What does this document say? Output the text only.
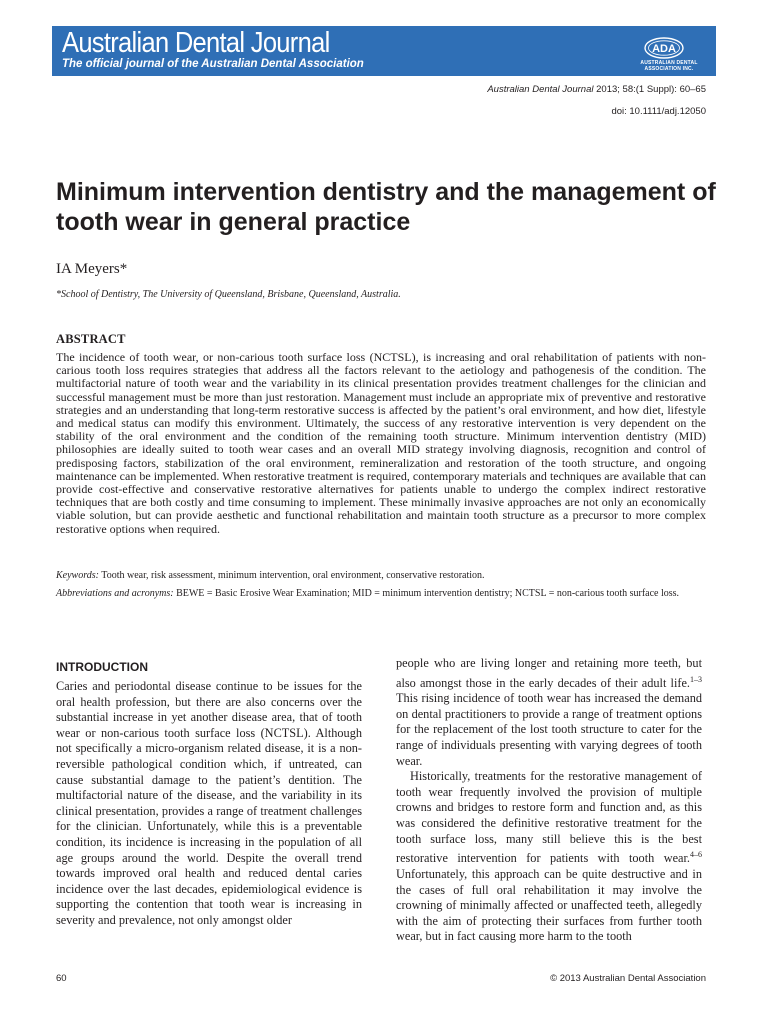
Australian Dental Journal
The official journal of the Australian Dental Association
ADA
AUSTRALIAN DENTAL ASSOCIATION INC.
Australian Dental Journal 2013; 58:(1 Suppl): 60–65
doi: 10.1111/adj.12050
Minimum intervention dentistry and the management of tooth wear in general practice
IA Meyers*
*School of Dentistry, The University of Queensland, Brisbane, Queensland, Australia.
ABSTRACT

The incidence of tooth wear, or non-carious tooth surface loss (NCTSL), is increasing and oral rehabilitation of patients with non-carious tooth loss requires strategies that address all the factors relevant to the aetiology and pathogenesis of the condition. The multifactorial nature of tooth wear and the variability in its clinical presentation provides treatment challenges for the clinician and successful management must be more than just restoration. Management must include an appropriate mix of preventive and restorative strategies and an understanding that long-term restorative success is affected by the patient’s oral environment, and how diet, lifestyle and medical status can modify this environment. Ultimately, the success of any restorative intervention is very dependent on the stability of the oral environment and the condition of the remaining tooth structure. Minimum intervention dentistry (MID) philosophies are ideally suited to tooth wear cases and an overall MID strategy involving diagnosis, recognition and control of predisposing factors, stabilization of the oral environment, remineralization and restoration of the tooth structure, and ongoing maintenance can be implemented. When restorative treatment is required, contemporary materials and techniques are available that can provide cost-effective and conservative restorative alternatives for patients unable to undergo the complex indirect restorative techniques that are both costly and time consuming to implement. These minimally invasive approaches are not only an economically viable solution, but can provide aesthetic and functional rehabilitation and maintain tooth structure as a precursor to more complex restorative options when required.

Keywords: Tooth wear, risk assessment, minimum intervention, oral environment, conservative restoration.
Abbreviations and acronyms: BEWE = Basic Erosive Wear Examination; MID = minimum intervention dentistry; NCTSL = non-carious tooth surface loss.
INTRODUCTION

Caries and periodontal disease continue to be issues for the oral health profession, but there are also concerns over the substantial increase in yet another disease area, that of tooth wear or non-carious tooth surface loss (NCTSL). Although not specifically a micro-organism related disease, it is a non-reversible pathological condition which, if untreated, can cause substantial damage to the patient’s dentition. The multifactorial nature of the disease, and the variability in its clinical presentation, provides a range of treatment challenges for the clinician. Unfortunately, while this is a preventable condition, its incidence is increasing in the population of all age groups around the world. Despite the overall trend towards improved oral health and reduced dental caries incidence over the last decades, epidemiological evidence is supporting the contention that tooth wear is increasing in severity and prevalence, not only amongst older

people who are living longer and retaining more teeth, but also amongst those in the early decades of their adult life.$^{1-3}$ This rising incidence of tooth wear has increased the demand on dental practitioners to provide a range of treatment options for the replacement of the lost tooth structure to cater for the range of individuals presenting with varying degrees of tooth wear.

Historically, treatments for the restorative management of tooth wear frequently involved the provision of multiple crowns and bridges to restore form and function and, as this was considered the definitive restorative treatment for the tooth surface loss, many still believe this is the best restorative intervention for patients with tooth wear.$^{4-6}$ Unfortunately, this approach can be quite destructive and in the cases of full oral rehabilitation it may involve the crowning of minimally affected or unaffected teeth, allegedly with the aim of protecting their surfaces from further tooth wear, but in fact causing more harm to the tooth

60	© 2013 Australian Dental Association
